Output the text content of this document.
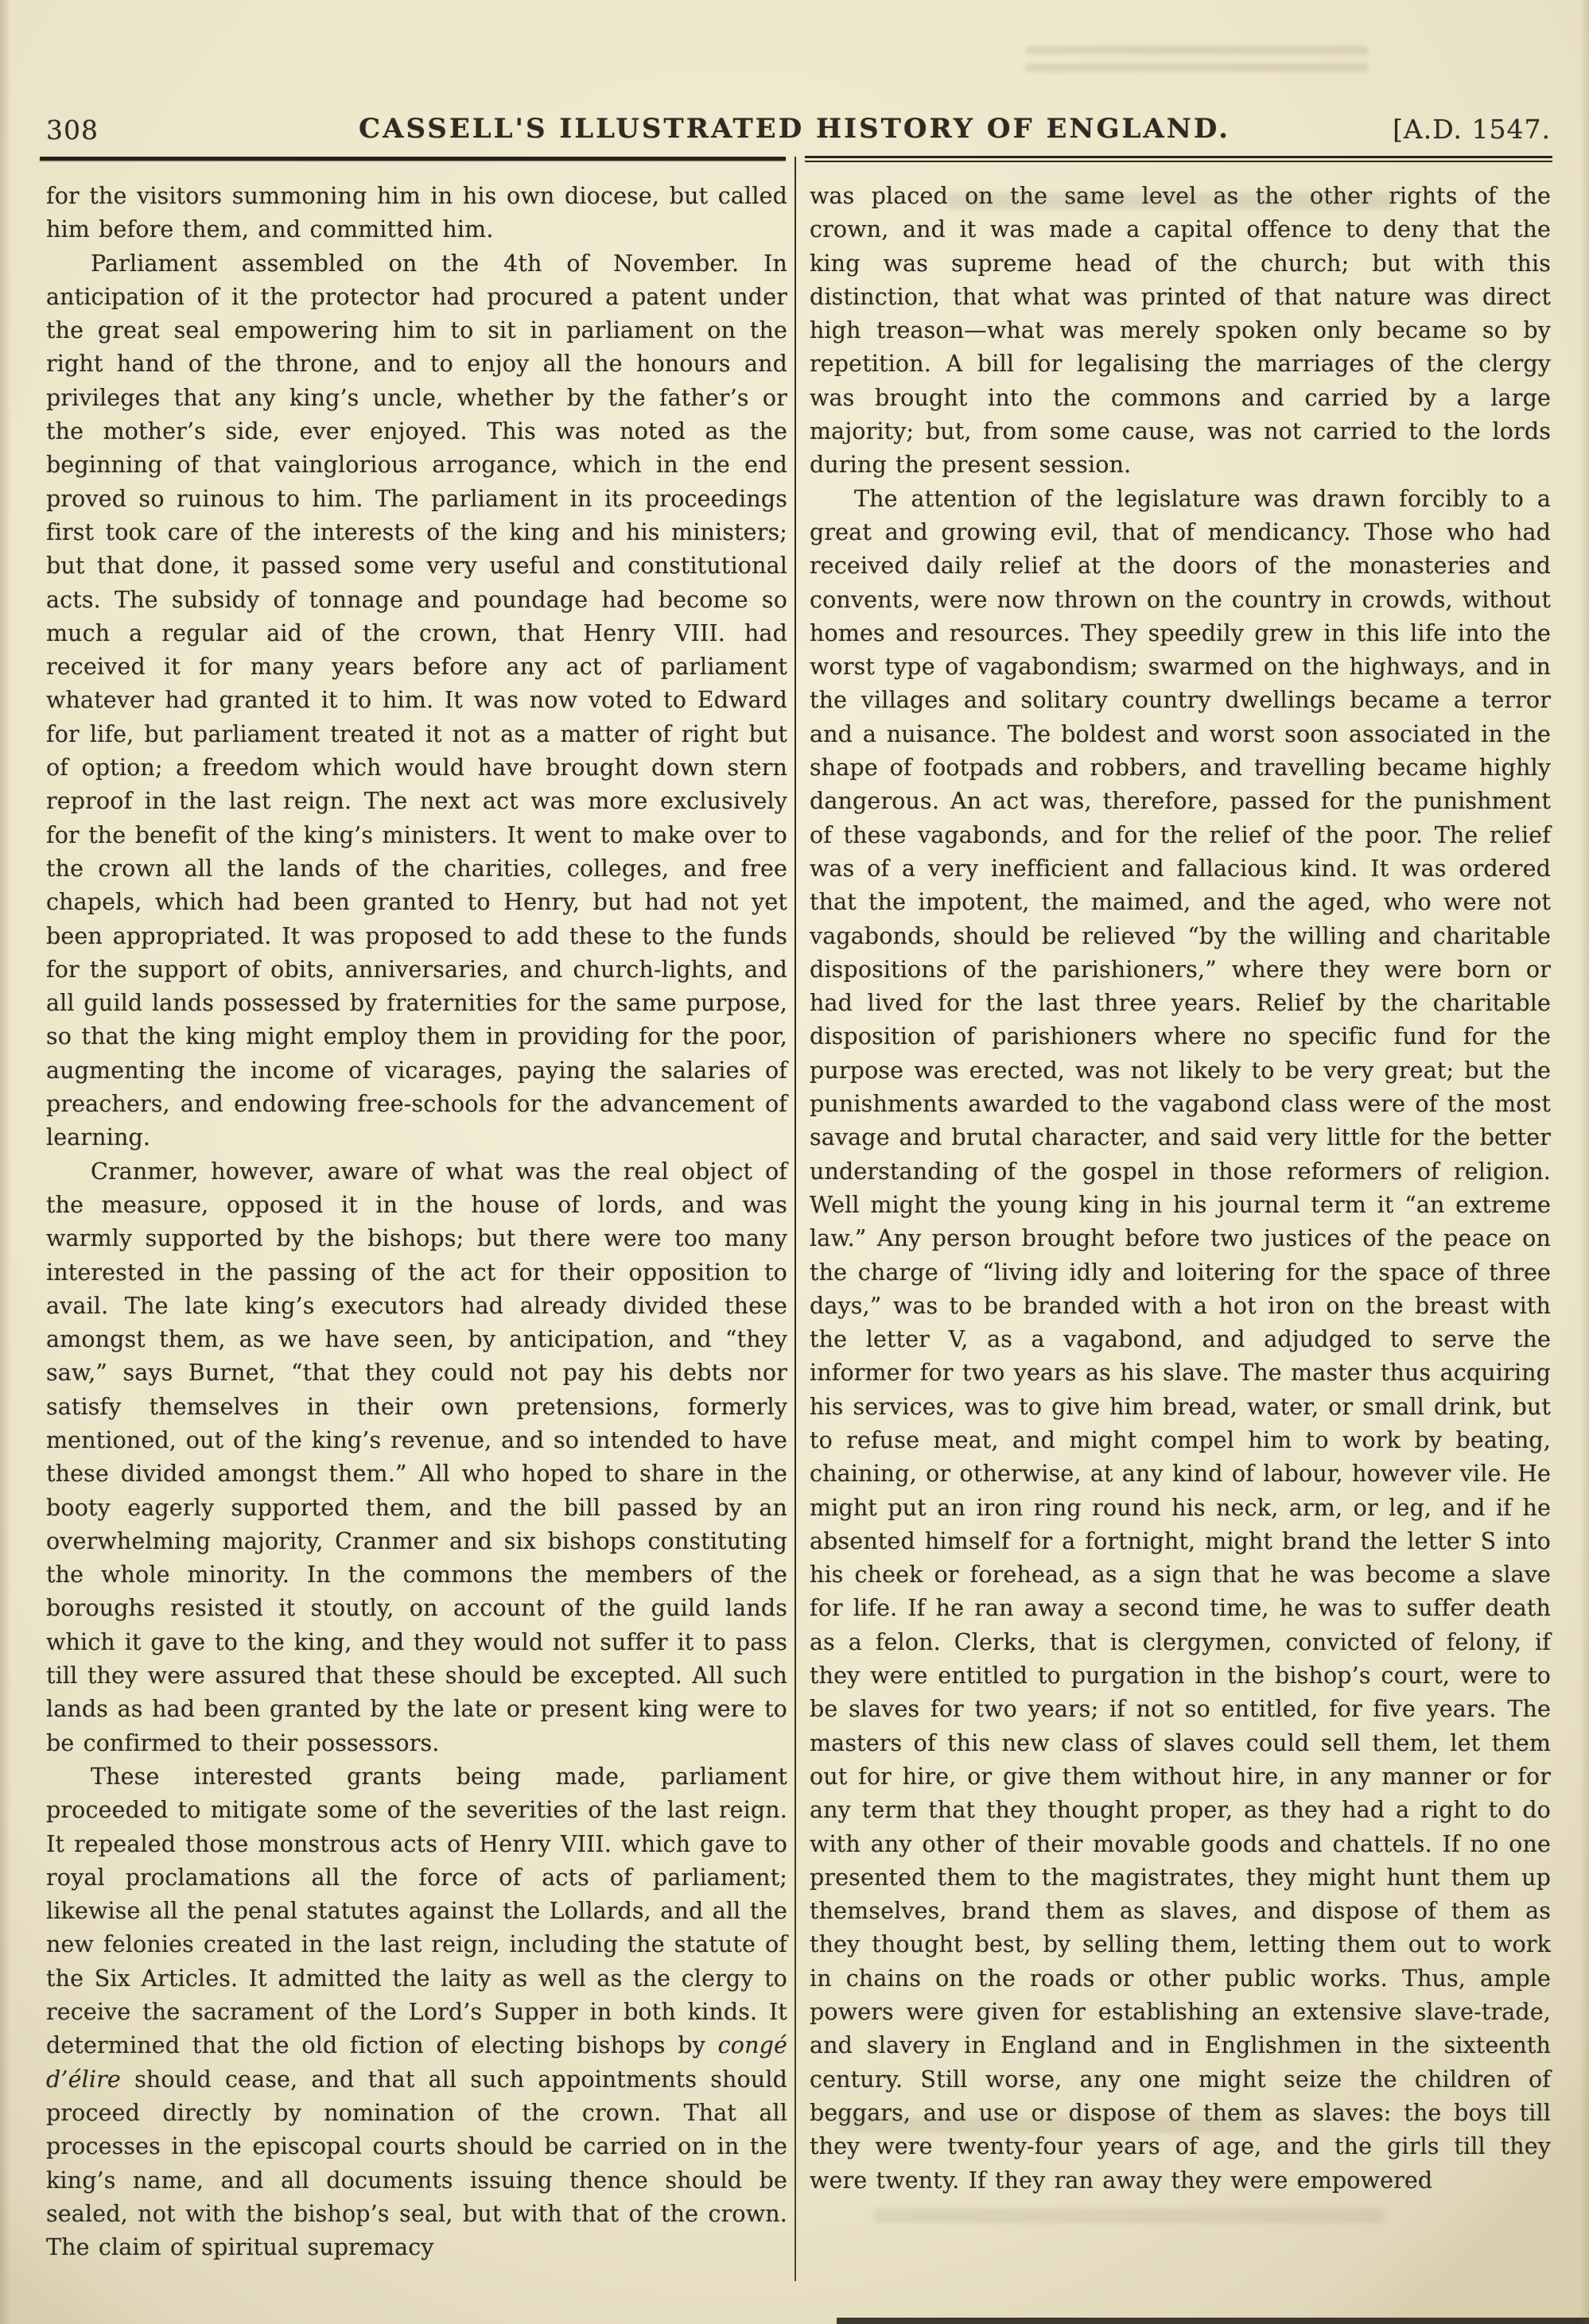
308	CASSELL'S ILLUSTRATED HISTORY OF ENGLAND.	[A.D. 1547.

for the visitors summoning him in his own diocese, but called him before them, and committed him.

Parliament assembled on the 4th of November. In anticipation of it the protector had procured a patent under the great seal empowering him to sit in parliament on the right hand of the throne, and to enjoy all the honours and privileges that any king’s uncle, whether by the father’s or the mother’s side, ever enjoyed. This was noted as the beginning of that vainglorious arrogance, which in the end proved so ruinous to him. The parliament in its proceedings first took care of the interests of the king and his ministers; but that done, it passed some very useful and constitutional acts. The subsidy of tonnage and poundage had become so much a regular aid of the crown, that Henry VIII. had received it for many years before any act of parliament whatever had granted it to him. It was now voted to Edward for life, but parliament treated it not as a matter of right but of option; a freedom which would have brought down stern reproof in the last reign. The next act was more exclusively for the benefit of the king’s ministers. It went to make over to the crown all the lands of the charities, colleges, and free chapels, which had been granted to Henry, but had not yet been appropriated. It was proposed to add these to the funds for the support of obits, anniversaries, and church-lights, and all guild lands possessed by fraternities for the same purpose, so that the king might employ them in providing for the poor, augmenting the income of vicarages, paying the salaries of preachers, and endowing free-schools for the advancement of learning.

Cranmer, however, aware of what was the real object of the measure, opposed it in the house of lords, and was warmly supported by the bishops; but there were too many interested in the passing of the act for their opposition to avail. The late king’s executors had already divided these amongst them, as we have seen, by anticipation, and “they saw,” says Burnet, “that they could not pay his debts nor satisfy themselves in their own pretensions, formerly mentioned, out of the king’s revenue, and so intended to have these divided amongst them.” All who hoped to share in the booty eagerly supported them, and the bill passed by an overwhelming majority, Cranmer and six bishops constituting the whole minority. In the commons the members of the boroughs resisted it stoutly, on account of the guild lands which it gave to the king, and they would not suffer it to pass till they were assured that these should be excepted. All such lands as had been granted by the late or present king were to be confirmed to their possessors.

These interested grants being made, parliament proceeded to mitigate some of the severities of the last reign. It repealed those monstrous acts of Henry VIII. which gave to royal proclamations all the force of acts of parliament; likewise all the penal statutes against the Lollards, and all the new felonies created in the last reign, including the statute of the Six Articles. It admitted the laity as well as the clergy to receive the sacrament of the Lord’s Supper in both kinds. It determined that the old fiction of electing bishops by congé d’élire should cease, and that all such appointments should proceed directly by nomination of the crown. That all processes in the episcopal courts should be carried on in the king’s name, and all documents issuing thence should be sealed, not with the bishop’s seal, but with that of the crown. The claim of spiritual supremacy

was placed on the same level as the other rights of the crown, and it was made a capital offence to deny that the king was supreme head of the church; but with this distinction, that what was printed of that nature was direct high treason—what was merely spoken only became so by repetition. A bill for legalising the marriages of the clergy was brought into the commons and carried by a large majority; but, from some cause, was not carried to the lords during the present session.

The attention of the legislature was drawn forcibly to a great and growing evil, that of mendicancy. Those who had received daily relief at the doors of the monasteries and convents, were now thrown on the country in crowds, without homes and resources. They speedily grew in this life into the worst type of vagabondism; swarmed on the highways, and in the villages and solitary country dwellings became a terror and a nuisance. The boldest and worst soon associated in the shape of footpads and robbers, and travelling became highly dangerous. An act was, therefore, passed for the punishment of these vagabonds, and for the relief of the poor. The relief was of a very inefficient and fallacious kind. It was ordered that the impotent, the maimed, and the aged, who were not vagabonds, should be relieved “by the willing and charitable dispositions of the parishioners,” where they were born or had lived for the last three years. Relief by the charitable disposition of parishioners where no specific fund for the purpose was erected, was not likely to be very great; but the punishments awarded to the vagabond class were of the most savage and brutal character, and said very little for the better understanding of the gospel in those reformers of religion. Well might the young king in his journal term it “an extreme law.” Any person brought before two justices of the peace on the charge of “living idly and loitering for the space of three days,” was to be branded with a hot iron on the breast with the letter V, as a vagabond, and adjudged to serve the informer for two years as his slave. The master thus acquiring his services, was to give him bread, water, or small drink, but to refuse meat, and might compel him to work by beating, chaining, or otherwise, at any kind of labour, however vile. He might put an iron ring round his neck, arm, or leg, and if he absented himself for a fortnight, might brand the letter S into his cheek or forehead, as a sign that he was become a slave for life. If he ran away a second time, he was to suffer death as a felon. Clerks, that is clergymen, convicted of felony, if they were entitled to purgation in the bishop’s court, were to be slaves for two years; if not so entitled, for five years. The masters of this new class of slaves could sell them, let them out for hire, or give them without hire, in any manner or for any term that they thought proper, as they had a right to do with any other of their movable goods and chattels. If no one presented them to the magistrates, they might hunt them up themselves, brand them as slaves, and dispose of them as they thought best, by selling them, letting them out to work in chains on the roads or other public works. Thus, ample powers were given for establishing an extensive slave-trade, and slavery in England and in Englishmen in the sixteenth century. Still worse, any one might seize the children of beggars, and use or dispose of them as slaves: the boys till they were twenty-four years of age, and the girls till they were twenty. If they ran away they were empowered
